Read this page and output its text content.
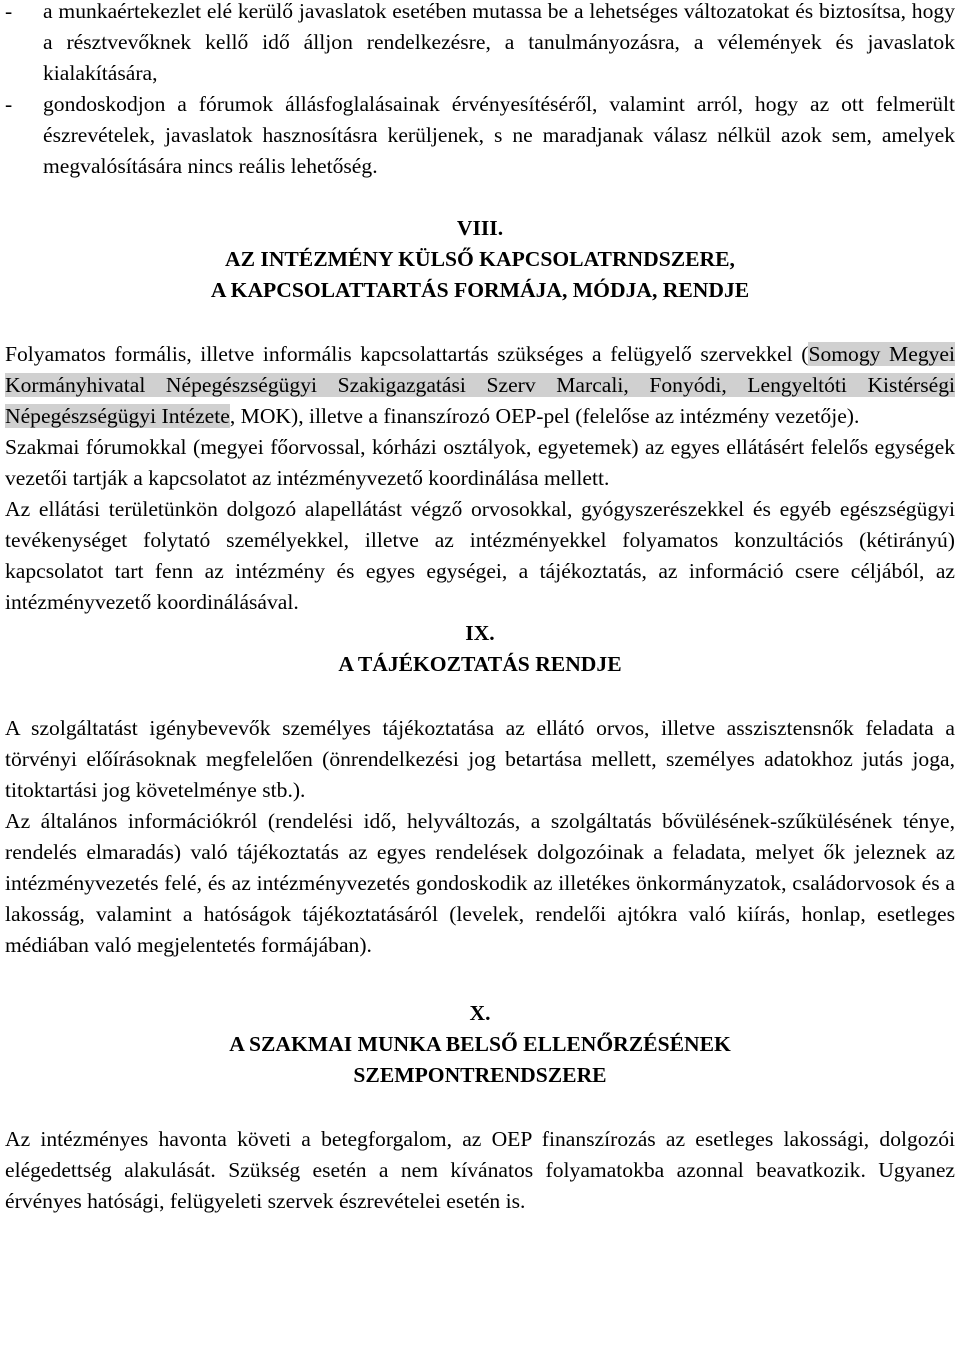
- a munkaértekezlet elé kerülő javaslatok esetében mutassa be a lehetséges változatokat és biztosítsa, hogy a résztvevőknek kellő idő álljon rendelkezésre, a tanulmányozásra, a vélemények és javaslatok kialakítására,
- gondoskodjon a fórumok állásfoglalásainak érvényesítéséről, valamint arról, hogy az ott felmerült észrevételek, javaslatok hasznosításra kerüljenek, s ne maradjanak válasz nélkül azok sem, amelyek megvalósítására nincs reális lehetőség.
VIII.
AZ INTÉZMÉNY KÜLSŐ KAPCSOLATRNDSZERE,
A KAPCSOLATTARTÁS FORMÁJA, MÓDJA, RENDJE

Folyamatos formális, illetve informális kapcsolattartás szükséges a felügyelő szervekkel (Somogy Megyei Kormányhivatal Népegészségügyi Szakigazgatási Szerv Marcali, Fonyódi, Lengyeltóti Kistérségi Népegészségügyi Intézete, MOK), illetve a finanszírozó OEP-pel (felelőse az intézmény vezetője).

Szakmai fórumokkal (megyei főorvossal, kórházi osztályok, egyetemek) az egyes ellátásért felelős egységek vezetői tartják a kapcsolatot az intézményvezető koordinálása mellett.

Az ellátási területünkön dolgozó alapellátást végző orvosokkal, gyógyszerészekkel és egyéb egészségügyi tevékenységet folytató személyekkel, illetve az intézményekkel folyamatos konzultációs (kétirányú) kapcsolatot tart fenn az intézmény és egyes egységei, a tájékoztatás, az információ csere céljából, az intézményvezető koordinálásával.

IX.
A TÁJÉKOZTATÁS RENDJE

A szolgáltatást igénybevevők személyes tájékoztatása az ellátó orvos, illetve asszisztensnők feladata a törvényi előírásoknak megfelelően (önrendelkezési jog betartása mellett, személyes adatokhoz jutás joga, titoktartási jog követelménye stb.).

Az általános információkról (rendelési idő, helyváltozás, a szolgáltatás bővülésének-szűkülésének ténye, rendelés elmaradás) való tájékoztatás az egyes rendelések dolgozóinak a feladata, melyet ők jeleznek az intézményvezetés felé, és az intézményvezetés gondoskodik az illetékes önkormányzatok, családorvosok és a lakosság, valamint a hatóságok tájékoztatásáról (levelek, rendelői ajtókra való kiírás, honlap, esetleges médiában való megjelentetés formájában).

X.
A SZAKMAI MUNKA BELSŐ ELLENŐRZÉSÉNEK
SZEMPONTRENDSZERE

Az intézményes havonta követi a betegforgalom, az OEP finanszírozás az esetleges lakossági, dolgozói elégedettség alakulását. Szükség esetén a nem kívánatos folyamatokba azonnal beavatkozik. Ugyanez érvényes hatósági, felügyeleti szervek észrevételei esetén is.
